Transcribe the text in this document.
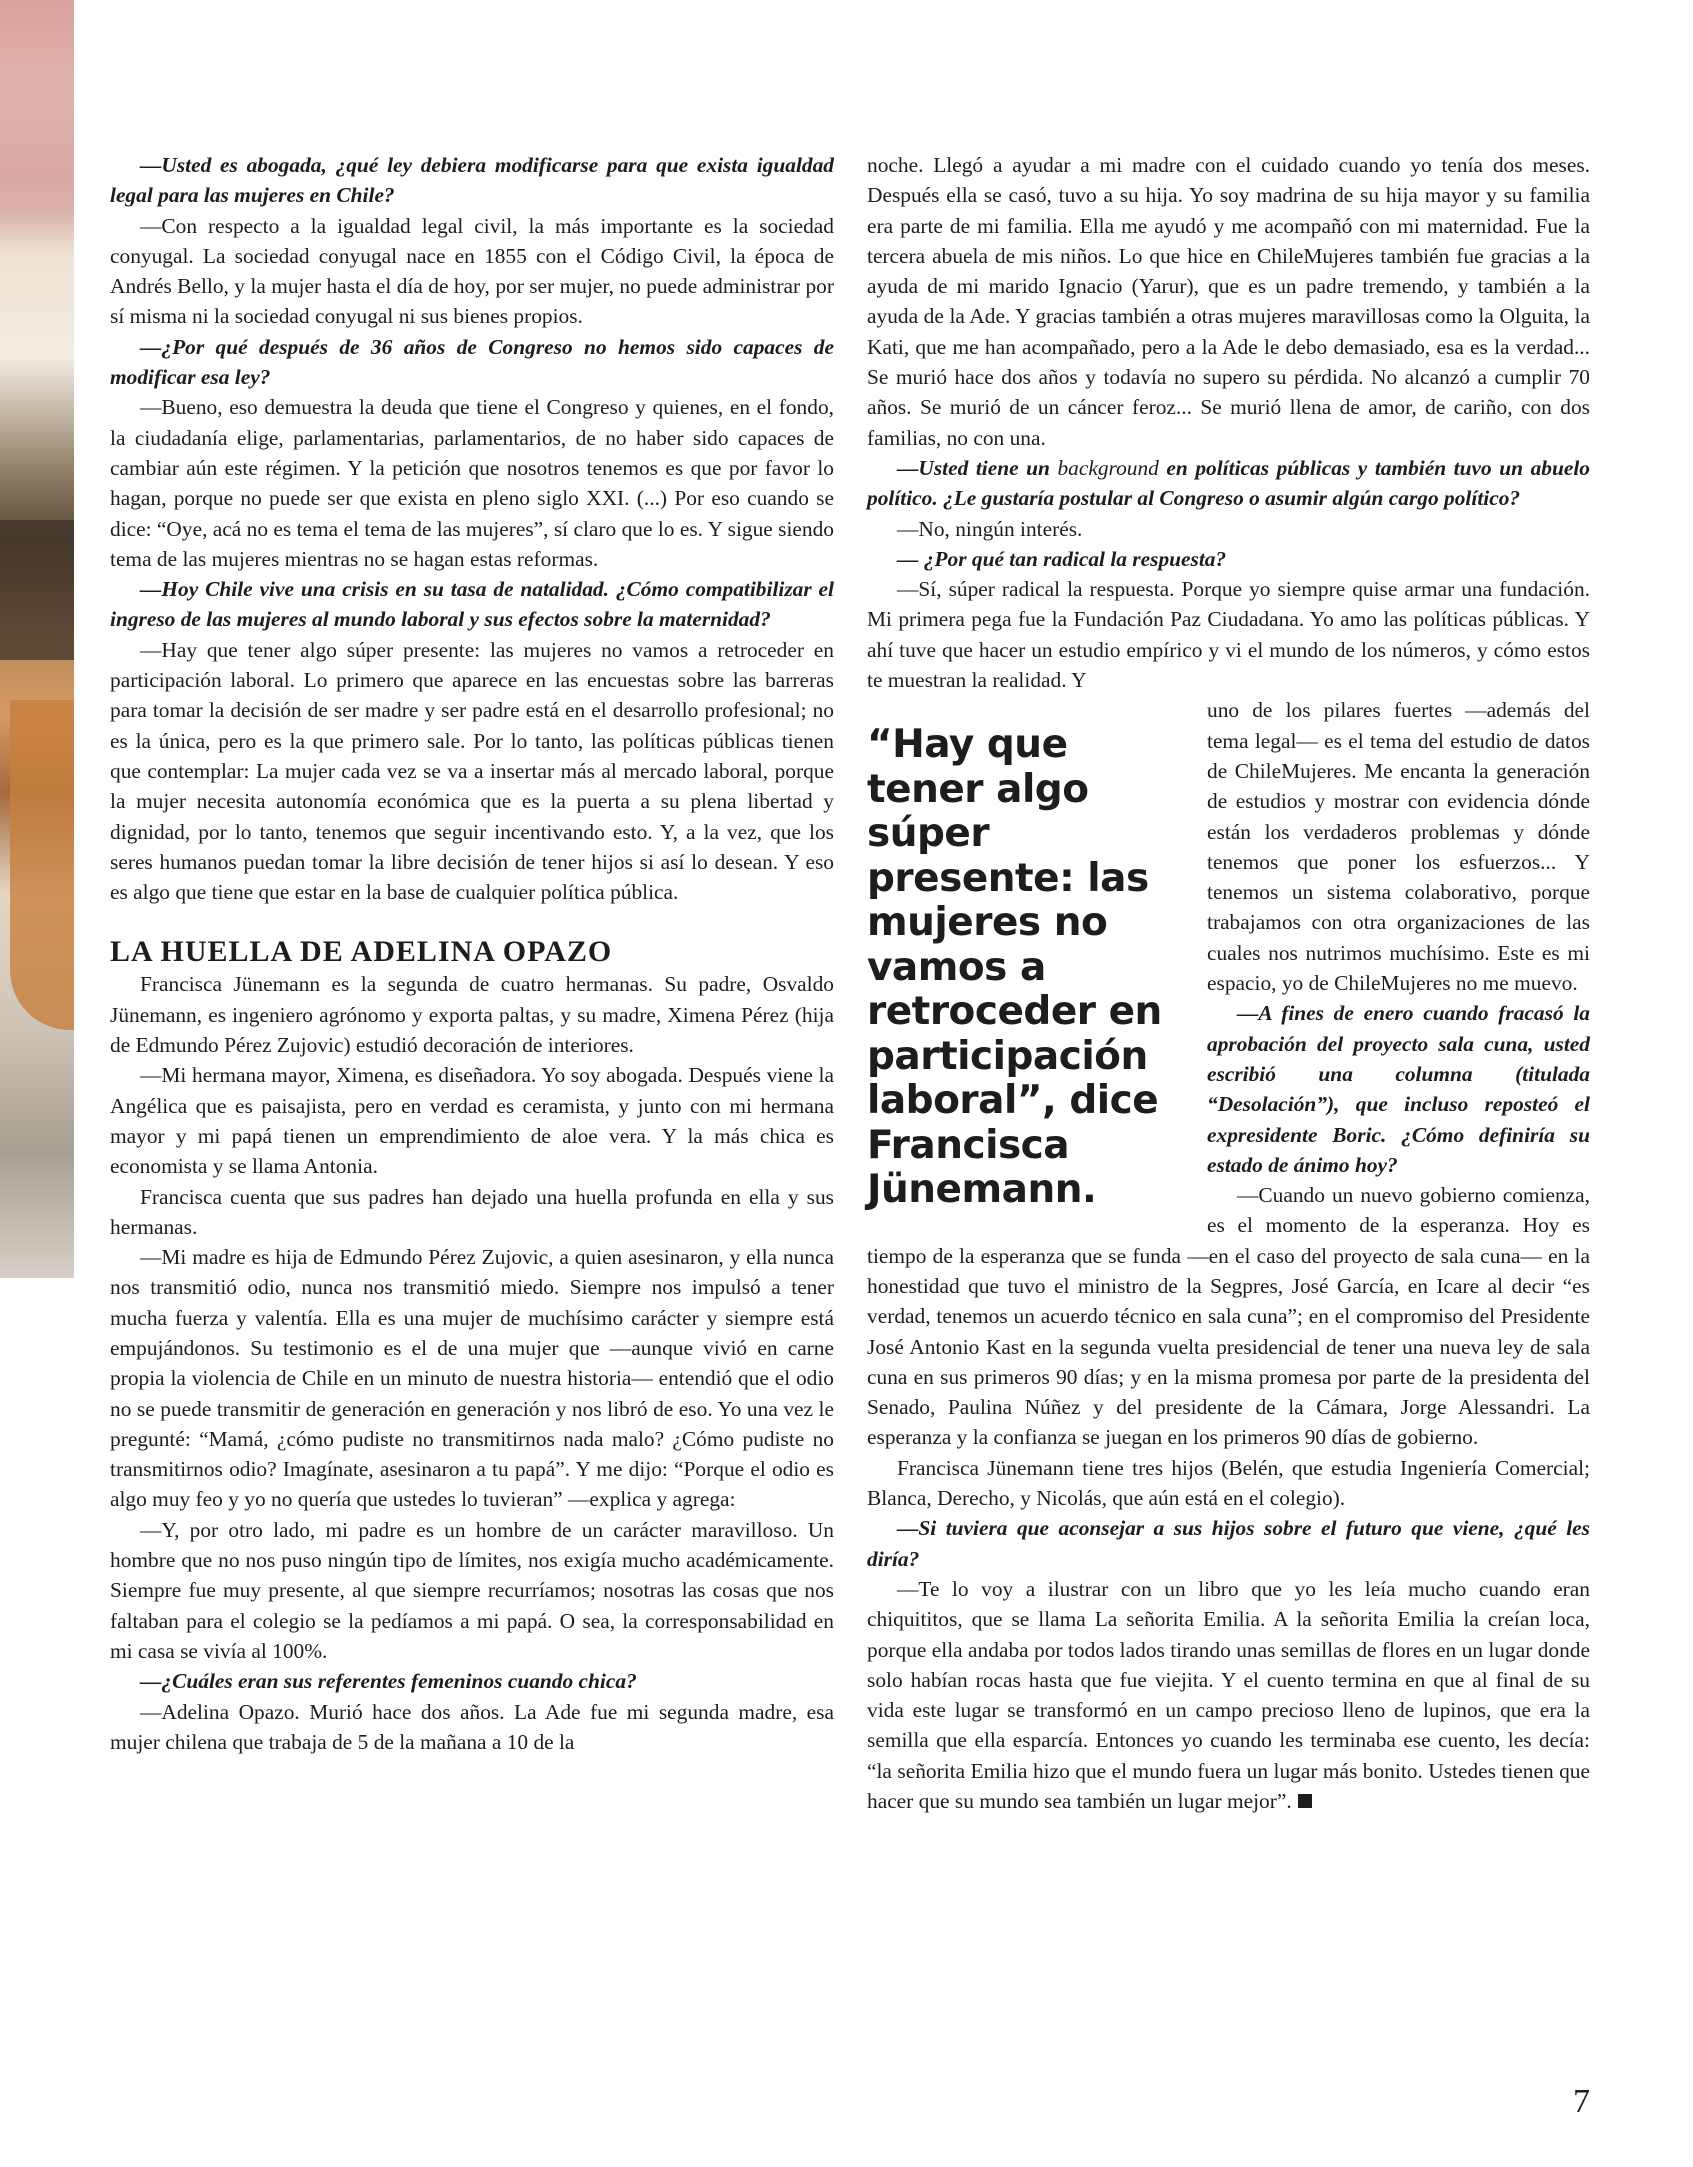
—Usted es abogada, ¿qué ley debiera modificarse para que exista igualdad legal para las mujeres en Chile?

—Con respecto a la igualdad legal civil, la más importante es la sociedad conyugal. La sociedad conyugal nace en 1855 con el Código Civil, la época de Andrés Bello, y la mujer hasta el día de hoy, por ser mujer, no puede administrar por sí misma ni la sociedad conyugal ni sus bienes propios.

—¿Por qué después de 36 años de Congreso no hemos sido capaces de modificar esa ley?

—Bueno, eso demuestra la deuda que tiene el Congreso y quienes, en el fondo, la ciudadanía elige, parlamentarias, parlamentarios, de no haber sido capaces de cambiar aún este régimen. Y la petición que nosotros tenemos es que por favor lo hagan, porque no puede ser que exista en pleno siglo XXI. (...) Por eso cuando se dice: “Oye, acá no es tema el tema de las mujeres”, sí claro que lo es. Y sigue siendo tema de las mujeres mientras no se hagan estas reformas.

—Hoy Chile vive una crisis en su tasa de natalidad. ¿Cómo compatibilizar el ingreso de las mujeres al mundo laboral y sus efectos sobre la maternidad?

—Hay que tener algo súper presente: las mujeres no vamos a retroceder en participación laboral. Lo primero que aparece en las encuestas sobre las barreras para tomar la decisión de ser madre y ser padre está en el desarrollo profesional; no es la única, pero es la que primero sale. Por lo tanto, las políticas públicas tienen que contemplar: La mujer cada vez se va a insertar más al mercado laboral, porque la mujer necesita autonomía económica que es la puerta a su plena libertad y dignidad, por lo tanto, tenemos que seguir incentivando esto. Y, a la vez, que los seres humanos puedan tomar la libre decisión de tener hijos si así lo desean. Y eso es algo que tiene que estar en la base de cualquier política pública.

LA HUELLA DE ADELINA OPAZO

Francisca Jünemann es la segunda de cuatro hermanas. Su padre, Osvaldo Jünemann, es ingeniero agrónomo y exporta paltas, y su madre, Ximena Pérez (hija de Edmundo Pérez Zujovic) estudió decoración de interiores.

—Mi hermana mayor, Ximena, es diseñadora. Yo soy abogada. Después viene la Angélica que es paisajista, pero en verdad es ceramista, y junto con mi hermana mayor y mi papá tienen un emprendimiento de aloe vera. Y la más chica es economista y se llama Antonia.

Francisca cuenta que sus padres han dejado una huella profunda en ella y sus hermanas.

—Mi madre es hija de Edmundo Pérez Zujovic, a quien asesinaron, y ella nunca nos transmitió odio, nunca nos transmitió miedo. Siempre nos impulsó a tener mucha fuerza y valentía. Ella es una mujer de muchísimo carácter y siempre está empujándonos. Su testimonio es el de una mujer que —aunque vivió en carne propia la violencia de Chile en un minuto de nuestra historia— entendió que el odio no se puede transmitir de generación en generación y nos libró de eso. Yo una vez le pregunté: “Mamá, ¿cómo pudiste no transmitirnos nada malo? ¿Cómo pudiste no transmitirnos odio? Imagínate, asesinaron a tu papá”. Y me dijo: “Porque el odio es algo muy feo y yo no quería que ustedes lo tuvieran” —explica y agrega:

—Y, por otro lado, mi padre es un hombre de un carácter maravilloso. Un hombre que no nos puso ningún tipo de límites, nos exigía mucho académicamente. Siempre fue muy presente, al que siempre recurríamos; nosotras las cosas que nos faltaban para el colegio se la pedíamos a mi papá. O sea, la corresponsabilidad en mi casa se vivía al 100%.

—¿Cuáles eran sus referentes femeninos cuando chica?

—Adelina Opazo. Murió hace dos años. La Ade fue mi segunda madre, esa mujer chilena que trabaja de 5 de la mañana a 10 de la

noche. Llegó a ayudar a mi madre con el cuidado cuando yo tenía dos meses. Después ella se casó, tuvo a su hija. Yo soy madrina de su hija mayor y su familia era parte de mi familia. Ella me ayudó y me acompañó con mi maternidad. Fue la tercera abuela de mis niños. Lo que hice en ChileMujeres también fue gracias a la ayuda de mi marido Ignacio (Yarur), que es un padre tremendo, y también a la ayuda de la Ade. Y gracias también a otras mujeres maravillosas como la Olguita, la Kati, que me han acompañado, pero a la Ade le debo demasiado, esa es la verdad... Se murió hace dos años y todavía no supero su pérdida. No alcanzó a cumplir 70 años. Se murió de un cáncer feroz... Se murió llena de amor, de cariño, con dos familias, no con una.

—Usted tiene un background en políticas públicas y también tuvo un abuelo político. ¿Le gustaría postular al Congreso o asumir algún cargo político?

—No, ningún interés.

— ¿Por qué tan radical la respuesta?

—Sí, súper radical la respuesta. Porque yo siempre quise armar una fundación. Mi primera pega fue la Fundación Paz Ciudadana. Yo amo las políticas públicas. Y ahí tuve que hacer un estudio empírico y vi el mundo de los números, y cómo estos te muestran la realidad. Y

“Hay que tener algo súper presente: las mujeres no vamos a retroceder en participación laboral”, dice Francisca Jünemann.

uno de los pilares fuertes —además del tema legal— es el tema del estudio de datos de ChileMujeres. Me encanta la generación de estudios y mostrar con evidencia dónde están los verdaderos problemas y dónde tenemos que poner los esfuerzos... Y tenemos un sistema colaborativo, porque trabajamos con otra organizaciones de las cuales nos nutrimos muchísimo. Este es mi espacio, yo de ChileMujeres no me muevo.

—A fines de enero cuando fracasó la aprobación del proyecto sala cuna, usted escribió una columna (titulada “Desolación”), que incluso reposteó el expresidente Boric. ¿Cómo definiría su estado de ánimo hoy?

—Cuando un nuevo gobierno comienza, es el momento de la esperanza. Hoy es tiempo de la esperanza que se funda —en el caso del proyecto de sala cuna— en la honestidad que tuvo el ministro de la Segpres, José García, en Icare al decir “es verdad, tenemos un acuerdo técnico en sala cuna”; en el compromiso del Presidente José Antonio Kast en la segunda vuelta presidencial de tener una nueva ley de sala cuna en sus primeros 90 días; y en la misma promesa por parte de la presidenta del Senado, Paulina Núñez y del presidente de la Cámara, Jorge Alessandri. La esperanza y la confianza se juegan en los primeros 90 días de gobierno.

Francisca Jünemann tiene tres hijos (Belén, que estudia Ingeniería Comercial; Blanca, Derecho, y Nicolás, que aún está en el colegio).

—Si tuviera que aconsejar a sus hijos sobre el futuro que viene, ¿qué les diría?

—Te lo voy a ilustrar con un libro que yo les leía mucho cuando eran chiquititos, que se llama La señorita Emilia. A la señorita Emilia la creían loca, porque ella andaba por todos lados tirando unas semillas de flores en un lugar donde solo habían rocas hasta que fue viejita. Y el cuento termina en que al final de su vida este lugar se transformó en un campo precioso lleno de lupinos, que era la semilla que ella esparcía. Entonces yo cuando les terminaba ese cuento, les decía: “la señorita Emilia hizo que el mundo fuera un lugar más bonito. Ustedes tienen que hacer que su mundo sea también un lugar mejor”.

7
